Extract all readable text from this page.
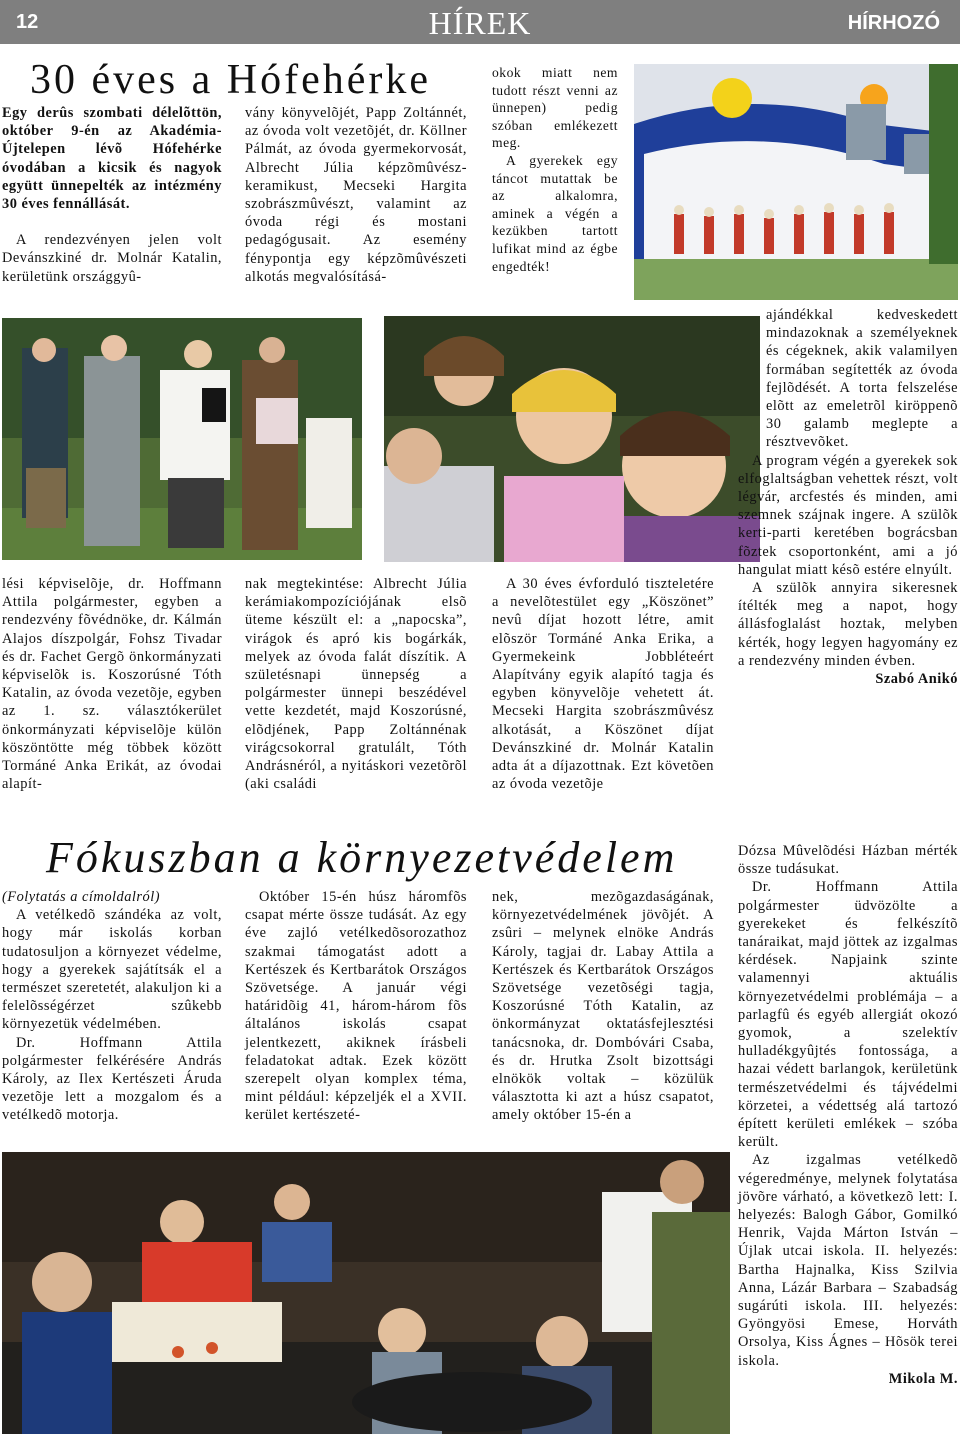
12	HÍREK	HÍRHOZÓ
30 éves a Hófehérke

Egy derûs szombati délelõttön, október 9-én az Akadémia-Újtelepen lévõ Hófehérke óvodában a kicsik és nagyok együtt ünnepelték az intézmény 30 éves fennállását.

A rendezvényen jelen volt Devánszkiné dr. Molnár Katalin, kerületünk országgyû-

vány könyvelõjét, Papp Zoltánnét, az óvoda volt vezetõjét, dr. Köllner Pálmát, az óvoda gyermekorvosát, Albrecht Júlia képzõmûvész-keramikust, Mecseki Hargita szobrászmûvészt, valamint az óvoda régi és mostani pedagógusait. Az esemény fénypontja egy képzõmûvészeti alkotás megvalósításá-

okok miatt nem tudott részt venni az ünnepen) pedig szóban emlékezett meg.

A gyerekek egy táncot mutattak be az alkalomra, aminek a végén a kezükben tartott lufikat mind az égbe engedték!

lési képviselõje, dr. Hoffmann Attila polgármester, egyben a rendezvény fõvédnöke, dr. Kálmán Alajos díszpolgár, Fohsz Tivadar és dr. Fachet Gergõ önkormányzati képviselõk is. Koszorúsné Tóth Katalin, az óvoda vezetõje, egyben az 1. sz. választókerület önkormányzati képviselõje külön köszöntötte még többek között Tormáné Anka Erikát, az óvodai alapít-

nak megtekintése: Albrecht Júlia kerámiakompozíciójának elsõ üteme készült el: a „napocska”, virágok és apró kis bogárkák, melyek az óvoda falát díszítik. A születésnapi ünnepség a polgármester ünnepi beszédével vette kezdetét, majd Koszorúsné, elõdjének, Papp Zoltánnénak virágcsokorral gratulált, Tóth Andrásnéról, a nyitáskori vezetõrõl (aki családi

A 30 éves évforduló tiszteletére a nevelõtestület egy „Köszönet” nevû díjat hozott létre, amit elõször Tormáné Anka Erika, a Gyermekeink Jobbléteért Alapítvány egyik alapító tagja és egyben könyvelõje vehetett át. Mecseki Hargita szobrászmûvész alkotását, a Köszönet díjat Devánszkiné dr. Molnár Katalin adta át a díjazottnak. Ezt követõen az óvoda vezetõje

ajándékkal kedveskedett mindazoknak a személyeknek és cégeknek, akik valamilyen formában segítették az óvoda fejlõdését. A torta felszelése elõtt az emeletrõl kiröppenõ 30 galamb meglepte a résztvevõket.

A program végén a gyerekek sok elfoglaltságban vehettek részt, volt légvár, arcfestés és minden, ami szemnek szájnak ingere. A szülõk kerti-parti keretében bográcsban fõztek csoportonként, ami a jó hangulat miatt késõ estére elnyúlt.

A szülõk annyira sikeresnek ítélték meg a napot, hogy állásfoglalást hoztak, melyben kérték, hogy legyen hagyomány ez a rendezvény minden évben.

Szabó Anikó
Fókuszban a környezetvédelem

(Folytatás a címoldalról)

A vetélkedõ szándéka az volt, hogy már iskolás korban tudatosuljon a környezet védelme, hogy a gyerekek sajátítsák el a természet szeretetét, alakuljon ki a felelõsségérzet szûkebb környezetük védelmében.

Dr. Hoffmann Attila polgármester felkérésére András Károly, az Ilex Kertészeti Áruda vezetõje lett a mozgalom és a vetélkedõ motorja.

Október 15-én húsz háromfõs csapat mérte össze tudását. Az egy éve zajló vetélkedõsorozathoz szakmai támogatást adott a Kertészek és Kertbarátok Országos Szövetsége. A január végi határidõig 41, három-három fõs általános iskolás csapat jelentkezett, akiknek írásbeli feladatokat adtak. Ezek között szerepelt olyan komplex téma, mint például: képzeljék el a XVII. kerület kertészeté-

nek, mezõgazdaságának, környezetvédelmének jövõjét. A zsûri – melynek elnöke András Károly, tagjai dr. Labay Attila a Kertészek és Kertbarátok Országos Szövetsége vezetõségi tagja, Koszorúsné Tóth Katalin, az önkormányzat oktatásfejlesztési tanácsnoka, dr. Dombóvári Csaba, és dr. Hrutka Zsolt bizottsági elnökök voltak – közülük választotta ki azt a húsz csapatot, amely október 15-én a

Dózsa Mûvelõdési Házban mérték össze tudásukat.

Dr. Hoffmann Attila polgármester üdvözölte a gyerekeket és felkészítõ tanáraikat, majd jöttek az izgalmas kérdések. Napjaink szinte valamennyi aktuális környezetvédelmi problémája – a parlagfû és egyéb allergiát okozó gyomok, a szelektív hulladékgyûjtés fontossága, a hazai védett barlangok, kerületünk természetvédelmi és tájvédelmi körzetei, a védettség alá tartozó épített kerületi emlékek – szóba került.

Az izgalmas vetélkedõ végeredménye, melynek folytatása jövõre várható, a következõ lett: I. helyezés: Balogh Gábor, Gomilkó Henrik, Vajda Márton István – Újlak utcai iskola. II. helyezés: Bartha Hajnalka, Kiss Szilvia Anna, Lázár Barbara – Szabadság sugárúti iskola. III. helyezés: Gyöngyösi Emese, Horváth Orsolya, Kiss Ágnes – Hõsök terei iskola.

Mikola M.
